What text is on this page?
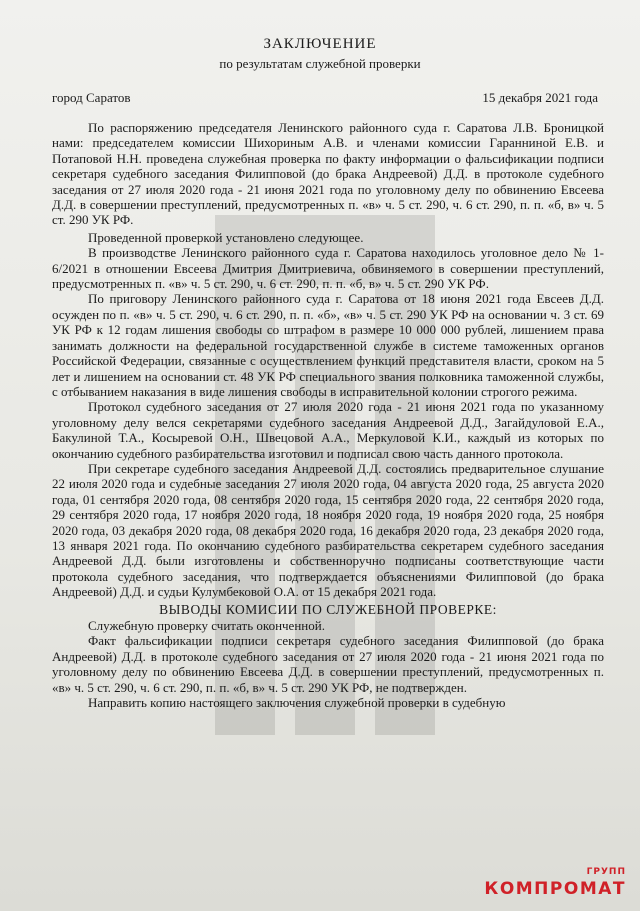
ЗАКЛЮЧЕНИЕ
по результатам служебной проверки
город Саратов	15 декабря 2021 года

По распоряжению председателя Ленинского районного суда г. Саратова Л.В. Броницкой нами: председателем комиссии Шихориным А.В. и членами комиссии Гаранниной Е.В. и Потаповой Н.Н. проведена служебная проверка по факту информации о фальсификации подписи секретаря судебного заседания Филипповой (до брака Андреевой) Д.Д. в протоколе судебного заседания от 27 июля 2020 года - 21 июня 2021 года по уголовному делу по обвинению Евсеева Д.Д. в совершении преступлений, предусмотренных п. «в» ч. 5 ст. 290, ч. 6 ст. 290, п. п. «б, в» ч. 5 ст. 290 УК РФ.

Проведенной проверкой установлено следующее.

В производстве Ленинского районного суда г. Саратова находилось уголовное дело № 1-6/2021 в отношении Евсеева Дмитрия Дмитриевича, обвиняемого в совершении преступлений, предусмотренных п. «в» ч. 5 ст. 290, ч. 6 ст. 290, п. п. «б, в» ч. 5 ст. 290 УК РФ.

По приговору Ленинского районного суда г. Саратова от 18 июня 2021 года Евсеев Д.Д. осужден по п. «в» ч. 5 ст. 290, ч. 6 ст. 290, п. п. «б», «в» ч. 5 ст. 290 УК РФ на основании ч. 3 ст. 69 УК РФ к 12 годам лишения свободы со штрафом в размере 10 000 000 рублей, лишением права занимать должности на федеральной государственной службе в системе таможенных органов Российской Федерации, связанные с осуществлением функций представителя власти, сроком на 5 лет и лишением на основании ст. 48 УК РФ специального звания полковника таможенной службы, с отбыванием наказания в виде лишения свободы в исправительной колонии строгого режима.

Протокол судебного заседания от 27 июля 2020 года - 21 июня 2021 года по указанному уголовному делу велся секретарями судебного заседания Андреевой Д.Д., Загайдуловой Е.А., Бакулиной Т.А., Косыревой О.Н., Швецовой А.А., Меркуловой К.И., каждый из которых по окончанию судебного разбирательства изготовил и подписал свою часть данного протокола.

При секретаре судебного заседания Андреевой Д.Д. состоялись предварительное слушание 22 июля 2020 года и судебные заседания 27 июля 2020 года, 04 августа 2020 года, 25 августа 2020 года, 01 сентября 2020 года, 08 сентября 2020 года, 15 сентября 2020 года, 22 сентября 2020 года, 29 сентября 2020 года, 17 ноября 2020 года, 18 ноября 2020 года, 19 ноября 2020 года, 25 ноября 2020 года, 03 декабря 2020 года, 08 декабря 2020 года, 16 декабря 2020 года, 23 декабря 2020 года, 13 января 2021 года. По окончанию судебного разбирательства секретарем судебного заседания Андреевой Д.Д. были изготовлены и собственноручно подписаны соответствующие части протокола судебного заседания, что подтверждается объяснениями Филипповой (до брака Андреевой) Д.Д. и судьи Кулумбековой О.А. от 15 декабря 2021 года.

ВЫВОДЫ КОМИСИИ ПО СЛУЖЕБНОЙ ПРОВЕРКЕ:

Служебную проверку считать оконченной.

Факт фальсификации подписи секретаря судебного заседания Филипповой (до брака Андреевой) Д.Д. в протоколе судебного заседания от 27 июля 2020 года - 21 июня 2021 года по уголовному делу по обвинению Евсеева Д.Д. в совершении преступлений, предусмотренных п. «в» ч. 5 ст. 290, ч. 6 ст. 290, п. п. «б, в» ч. 5 ст. 290 УК РФ, не подтвержден.

Направить копию настоящего заключения служебной проверки в судебную

ГРУПП
КОМПРОМАТ
